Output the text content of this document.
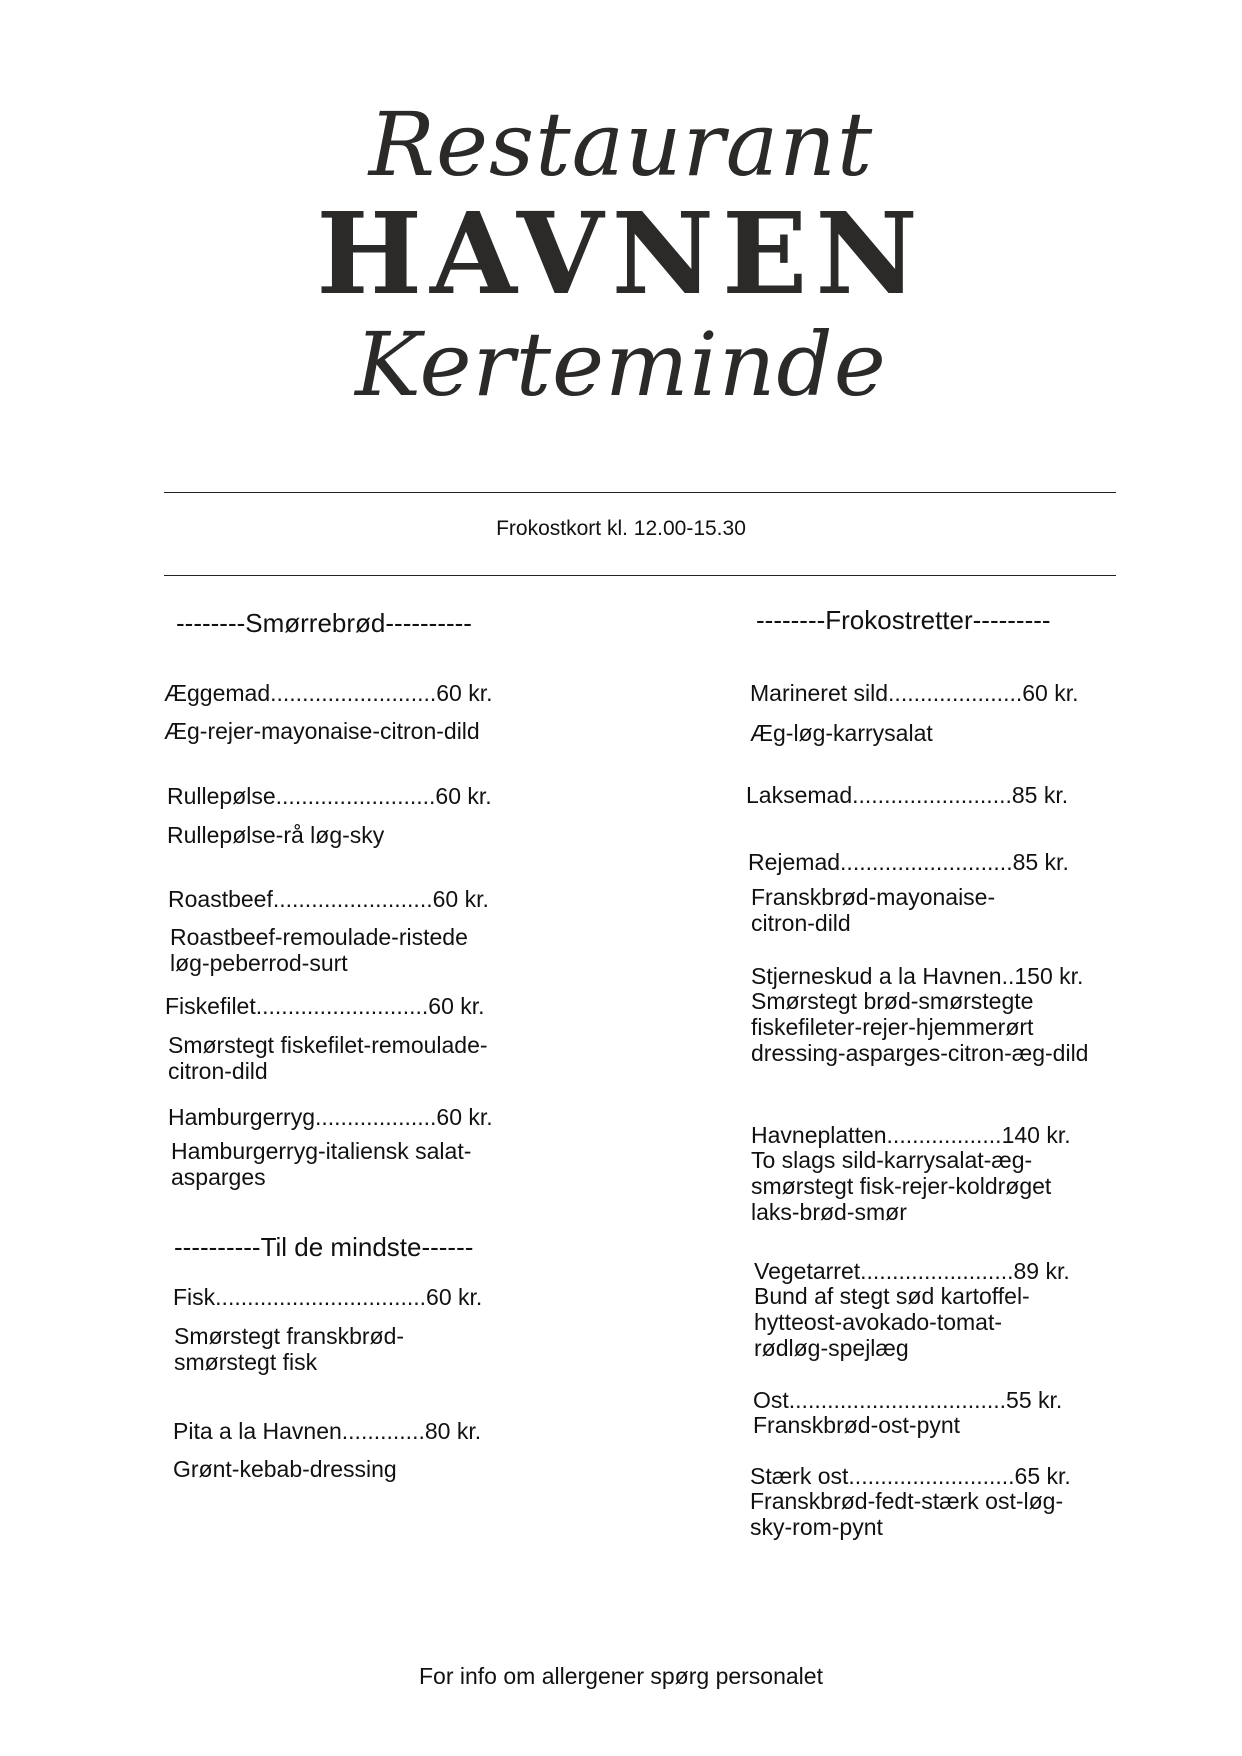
Restaurant
HAVNEN
Kerteminde
Frokostkort kl. 12.00-15.30
--------Smørrebrød----------
Æggemad..........................60 kr.
Æg-rejer-mayonaise-citron-dild
Rullepølse.........................60 kr.
Rullepølse-rå løg-sky
Roastbeef.........................60 kr.
Roastbeef-remoulade-ristede løg-peberrod-surt
Fiskefilet...........................60 kr.
Smørstegt fiskefilet-remoulade-citron-dild
Hamburgerryg...................60 kr.
Hamburgerryg-italiensk salat-asparges
----------Til de mindste------
Fisk.................................60 kr.
Smørstegt franskbrød-smørstegt fisk
Pita a la Havnen.............80 kr.
Grønt-kebab-dressing
--------Frokostretter---------
Marineret sild.....................60 kr.
Æg-løg-karrysalat
Laksemad.........................85 kr.
Rejemad...........................85 kr.
Franskbrød-mayonaise-citron-dild
Stjerneskud a la Havnen..150 kr.
Smørstegt brød-smørstegte fiskefileter-rejer-hjemmerørt dressing-asparges-citron-æg-dild
Havneplatten..................140 kr.
To slags sild-karrysalat-æg-smørstegt fisk-rejer-koldrøget laks-brød-smør
Vegetarret........................89 kr.
Bund af stegt sød kartoffel-hytteost-avokado-tomat-rødløg-spejlæg
Ost..................................55 kr.
Franskbrød-ost-pynt
Stærk ost..........................65 kr.
Franskbrød-fedt-stærk ost-løg-sky-rom-pynt
For info om allergener spørg personalet
